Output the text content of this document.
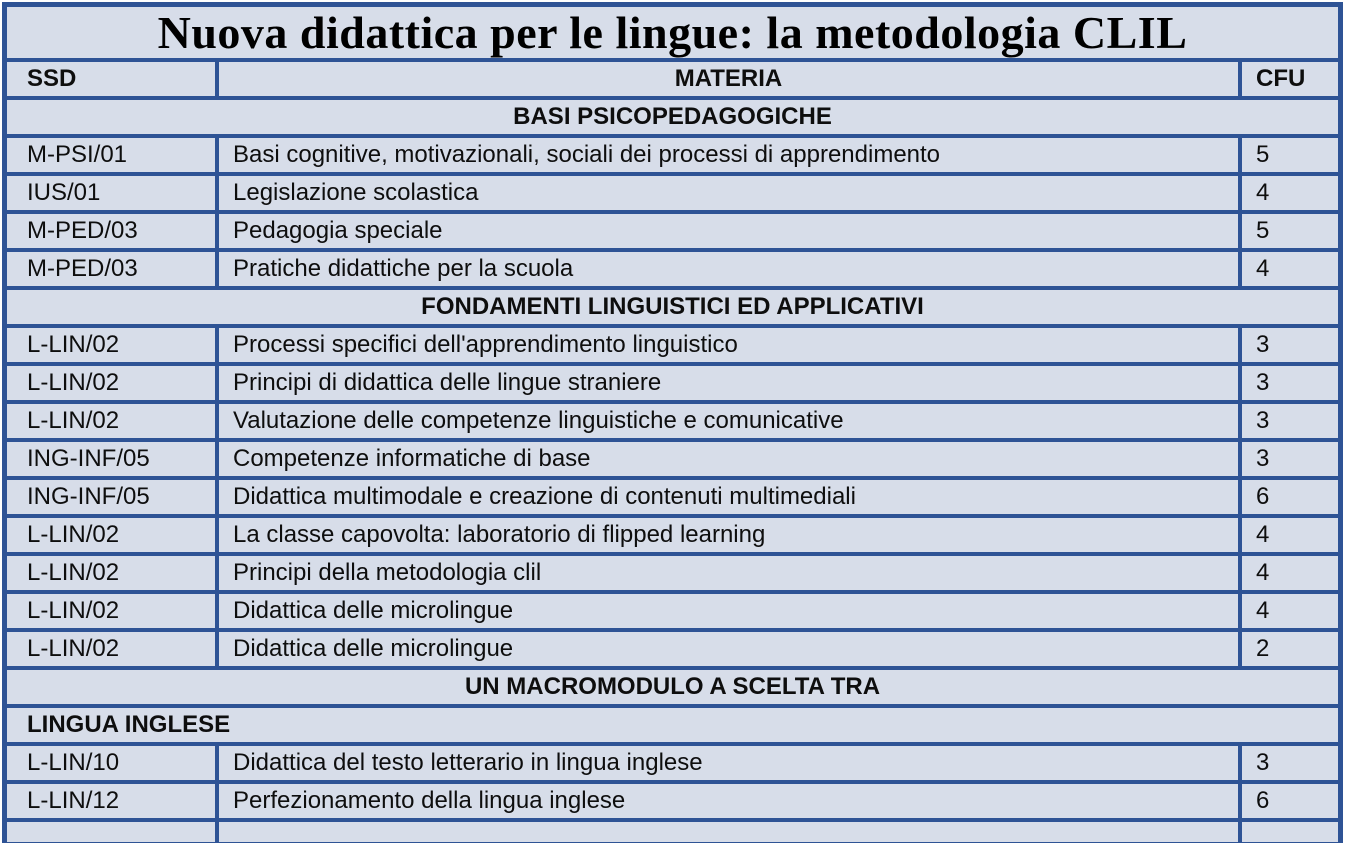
Nuova didattica per le lingue: la metodologia CLIL
SSD	MATERIA	CFU
BASI PSICOPEDAGOGICHE
M-PSI/01	Basi cognitive, motivazionali, sociali dei processi di apprendimento	5
IUS/01	Legislazione scolastica	4
M-PED/03	Pedagogia speciale	5
M-PED/03	Pratiche didattiche per la scuola	4
FONDAMENTI LINGUISTICI ED APPLICATIVI
L-LIN/02	Processi specifici dell'apprendimento linguistico	3
L-LIN/02	Principi di didattica delle lingue straniere	3
L-LIN/02	Valutazione delle competenze linguistiche e comunicative	3
ING-INF/05	Competenze informatiche di base	3
ING-INF/05	Didattica multimodale e creazione di contenuti multimediali	6
L-LIN/02	La classe capovolta: laboratorio di flipped learning	4
L-LIN/02	Principi della metodologia clil	4
L-LIN/02	Didattica delle microlingue	4
L-LIN/02	Didattica delle microlingue	2
UN MACROMODULO A SCELTA TRA
LINGUA INGLESE
L-LIN/10	Didattica del testo letterario in lingua inglese	3
L-LIN/12	Perfezionamento della lingua inglese	6
